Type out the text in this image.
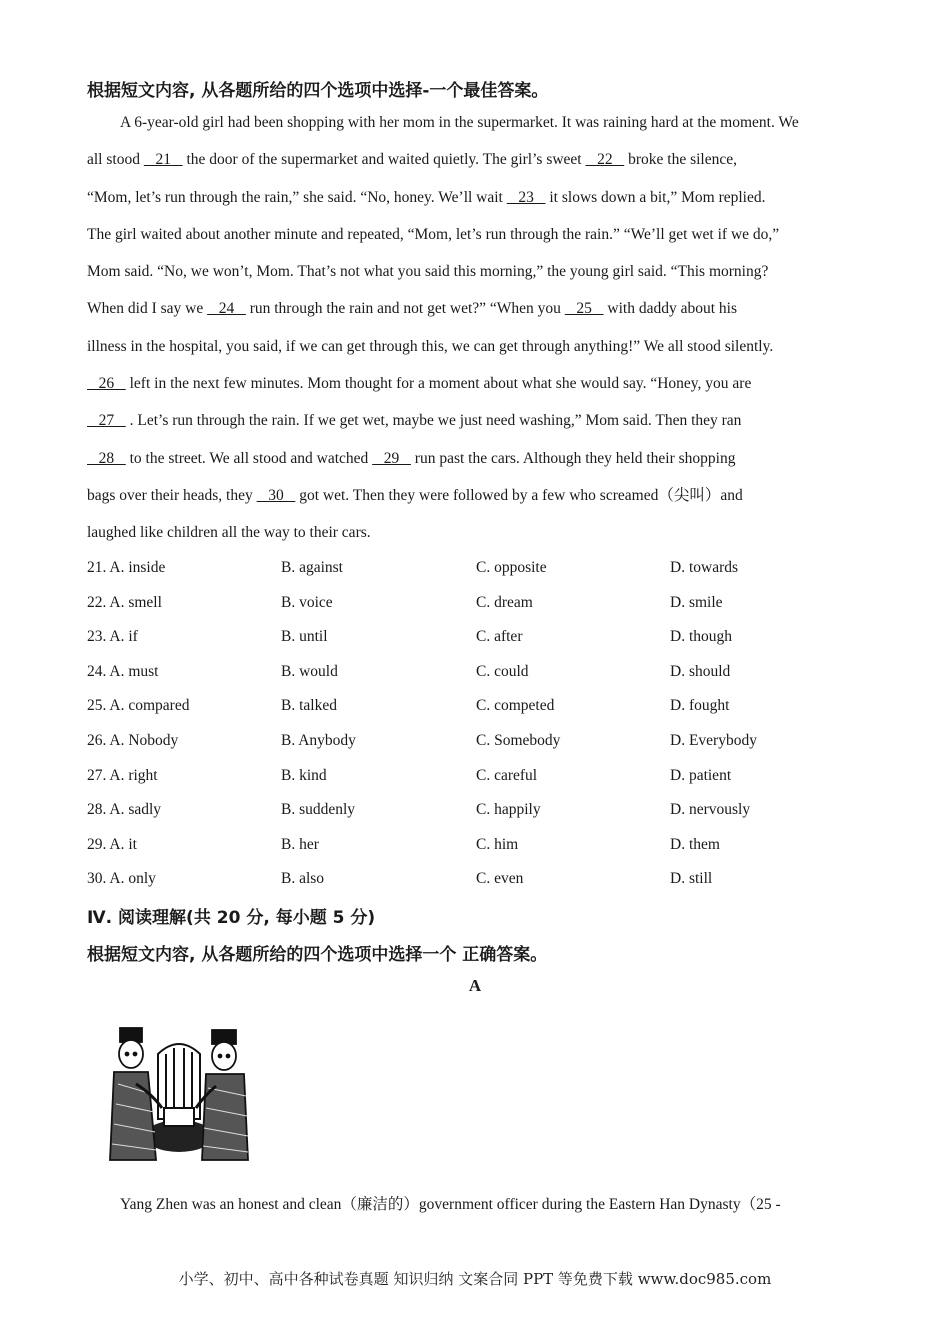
根据短文内容, 从各题所给的四个选项中选择-一个最佳答案。
A 6-year-old girl had been shopping with her mom in the supermarket. It was raining hard at the moment. We
all stood    21    the door of the supermarket and waited quietly. The girl’s sweet    22    broke the silence,
“Mom, let’s run through the rain,” she said. “No, honey. We’ll wait    23    it slows down a bit,” Mom replied.
The girl waited about another minute and repeated, “Mom, let’s run through the rain.” “We’ll get wet if we do,”
Mom said. “No, we won’t, Mom. That’s not what you said this morning,” the young girl said. “This morning?
When did I say we    24    run through the rain and not get wet?” “When you    25    with daddy about his
illness in the hospital, you said, if we can get through this, we can get through anything!” We all stood silently.
26    left in the next few minutes. Mom thought for a moment about what she would say. “Honey, you are
27    . Let’s run through the rain. If we get wet, maybe we just need washing,” Mom said. Then they ran
28    to the street. We all stood and watched    29    run past the cars. Although they held their shopping
bags over their heads, they    30    got wet. Then they were followed by a few who screamed（尖叫）and
laughed like children all the way to their cars.
21. A. inside	B. against	C. opposite	D. towards
22. A. smell	B. voice	C. dream	D. smile
23. A. if	B. until	C. after	D. though
24. A. must	B. would	C. could	D. should
25. A. compared	B. talked	C. competed	D. fought
26. A. Nobody	B. Anybody	C. Somebody	D. Everybody
27. A. right	B. kind	C. careful	D. patient
28. A. sadly	B. suddenly	C. happily	D. nervously
29. A. it	B. her	C. him	D. them
30. A. only	B. also	C. even	D. still
Ⅳ. 阅读理解(共 20 分, 每小题 5 分)
根据短文内容, 从各题所给的四个选项中选择一个 正确答案。
A
Yang Zhen was an honest and clean（廉洁的）government officer during the Eastern Han Dynasty（25 -
小学、初中、高中各种试卷真题 知识归纳 文案合同 PPT 等免费下载 www.doc985.com
